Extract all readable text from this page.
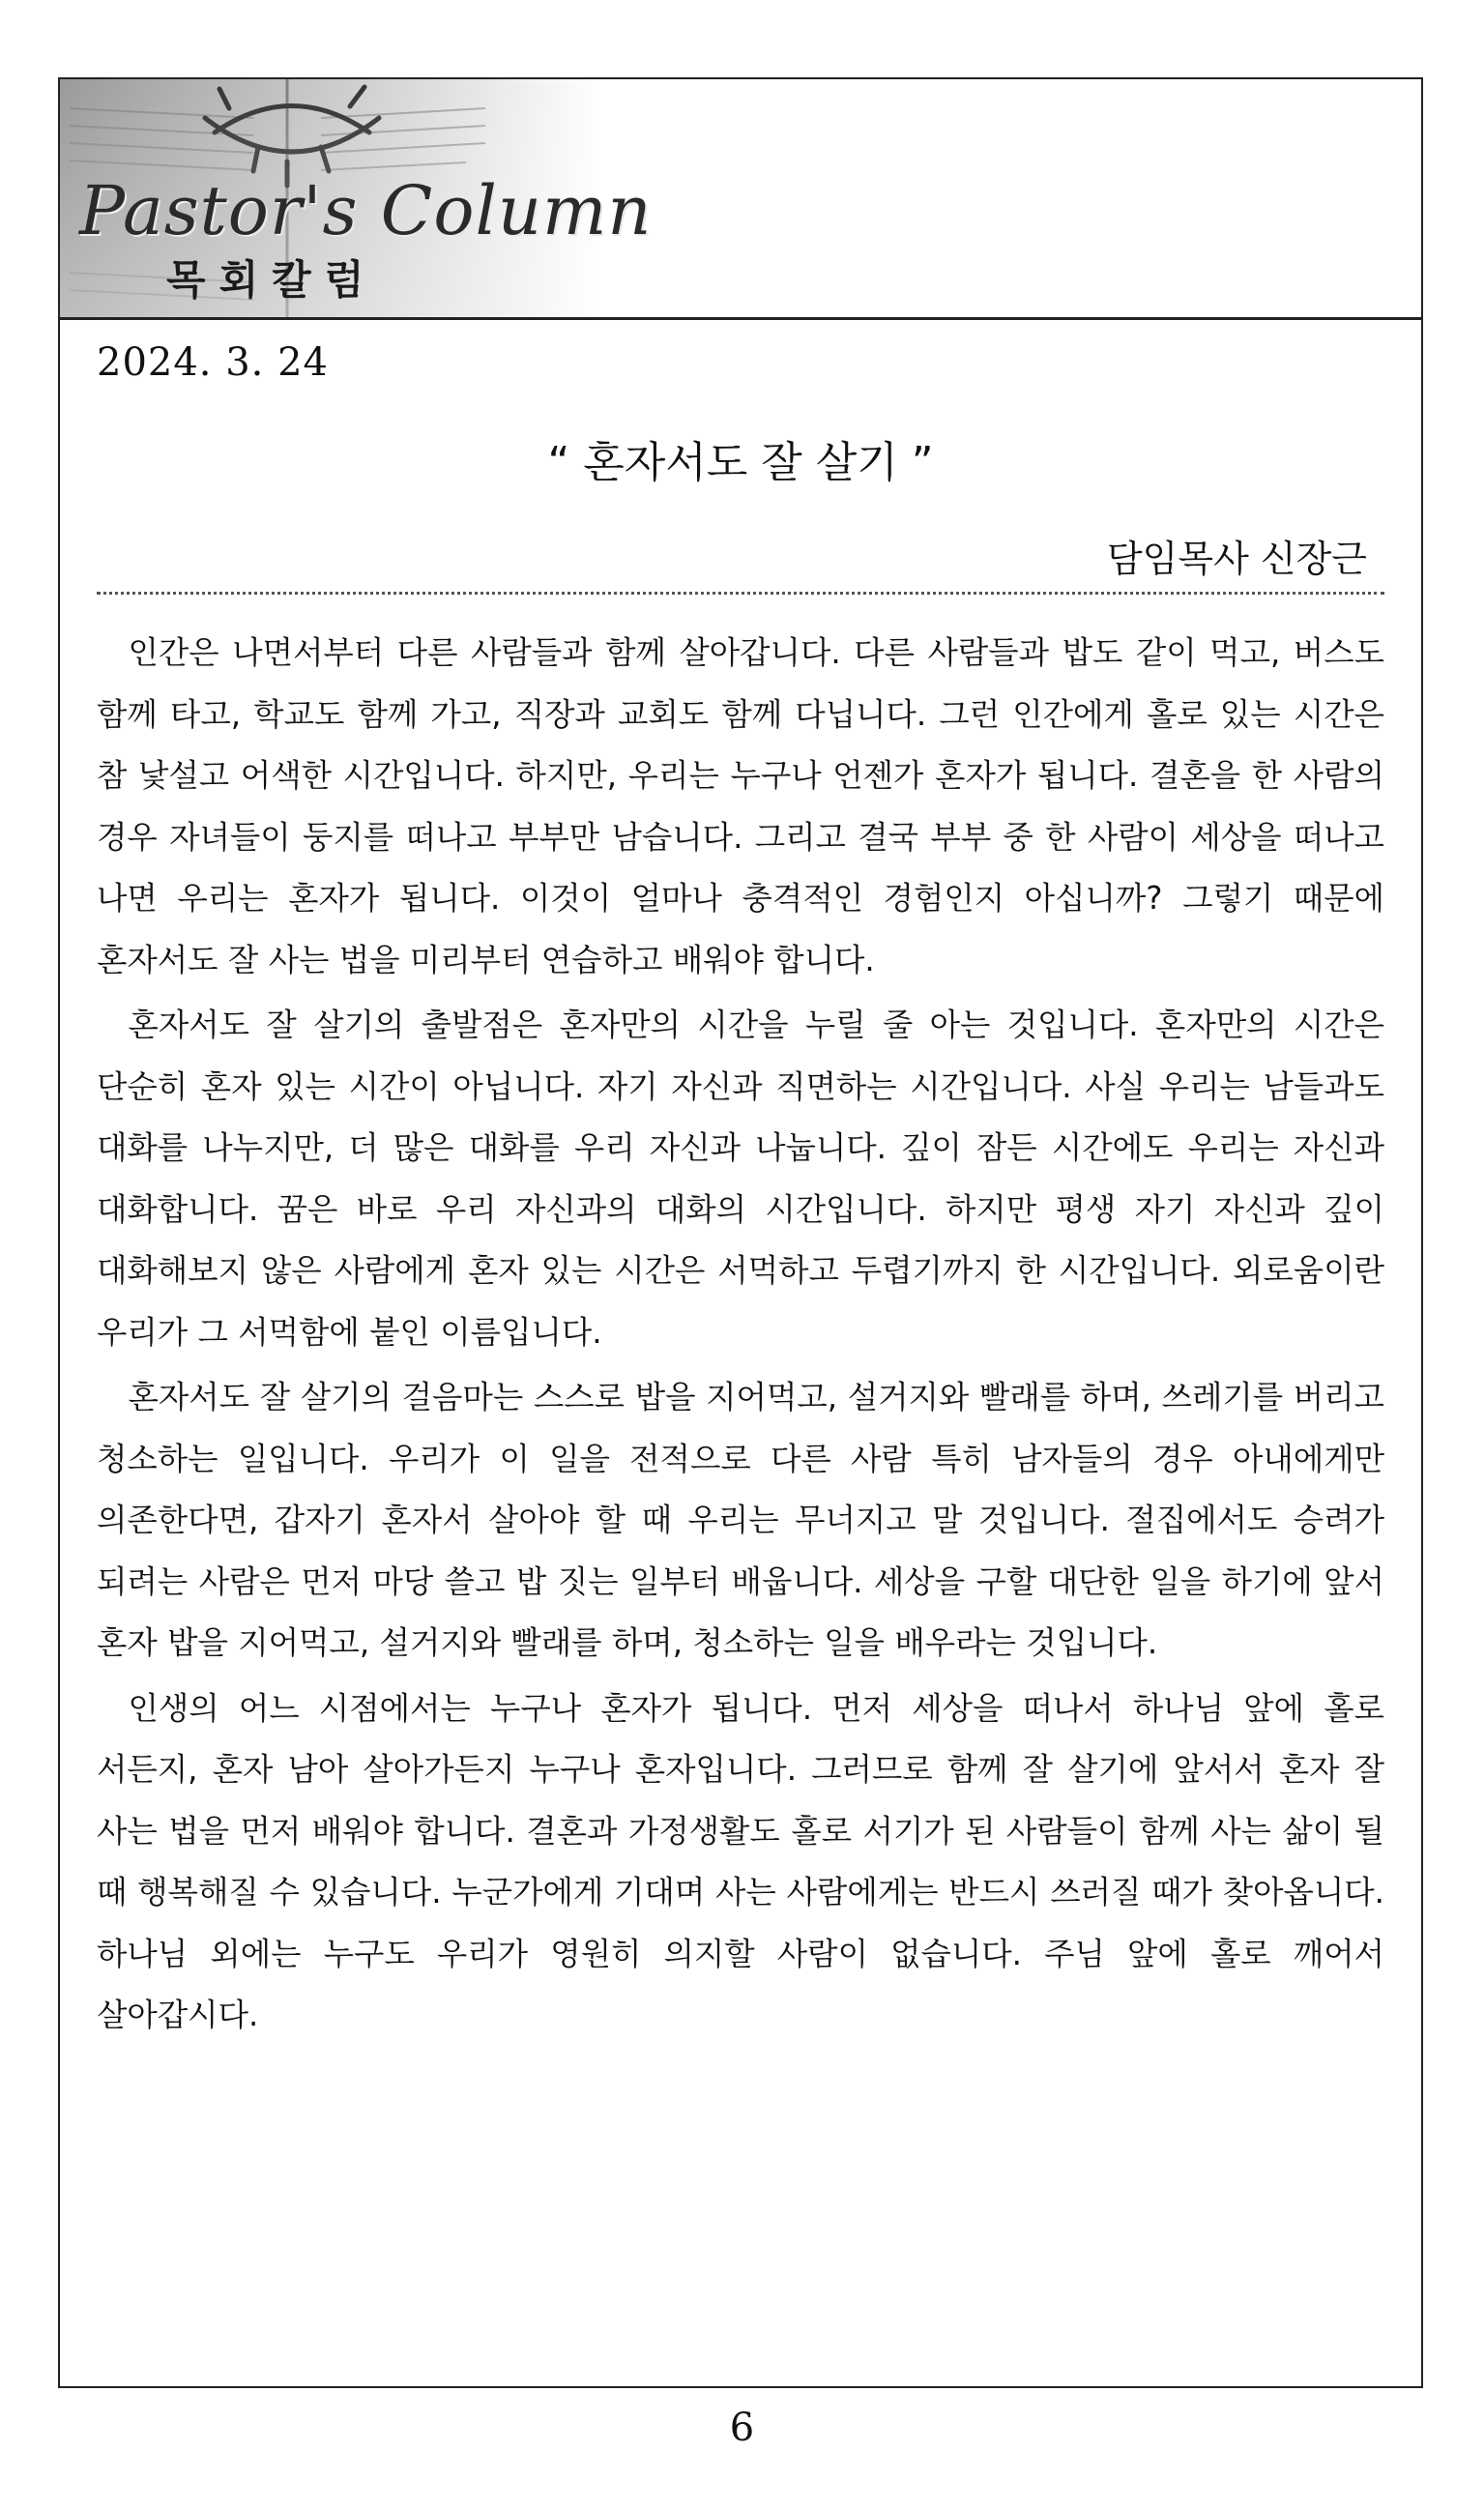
Pastor's Column
목회칼럼
2024. 3. 24
“ 혼자서도 잘 살기 ”
담임목사 신장근

인간은 나면서부터 다른 사람들과 함께 살아갑니다. 다른 사람들과 밥도 같이 먹고, 버스도 함께 타고, 학교도 함께 가고, 직장과 교회도 함께 다닙니다. 그런 인간에게 홀로 있는 시간은 참 낯설고 어색한 시간입니다. 하지만, 우리는 누구나 언젠가 혼자가 됩니다. 결혼을 한 사람의 경우 자녀들이 둥지를 떠나고 부부만 남습니다. 그리고 결국 부부 중 한 사람이 세상을 떠나고 나면 우리는 혼자가 됩니다. 이것이 얼마나 충격적인 경험인지 아십니까? 그렇기 때문에 혼자서도 잘 사는 법을 미리부터 연습하고 배워야 합니다.

혼자서도 잘 살기의 출발점은 혼자만의 시간을 누릴 줄 아는 것입니다. 혼자만의 시간은 단순히 혼자 있는 시간이 아닙니다. 자기 자신과 직면하는 시간입니다. 사실 우리는 남들과도 대화를 나누지만, 더 많은 대화를 우리 자신과 나눕니다. 깊이 잠든 시간에도 우리는 자신과 대화합니다. 꿈은 바로 우리 자신과의 대화의 시간입니다. 하지만 평생 자기 자신과 깊이 대화해보지 않은 사람에게 혼자 있는 시간은 서먹하고 두렵기까지 한 시간입니다. 외로움이란 우리가 그 서먹함에 붙인 이름입니다.

혼자서도 잘 살기의 걸음마는 스스로 밥을 지어먹고, 설거지와 빨래를 하며, 쓰레기를 버리고 청소하는 일입니다. 우리가 이 일을 전적으로 다른 사람 특히 남자들의 경우 아내에게만 의존한다면, 갑자기 혼자서 살아야 할 때 우리는 무너지고 말 것입니다. 절집에서도 승려가 되려는 사람은 먼저 마당 쓸고 밥 짓는 일부터 배웁니다. 세상을 구할 대단한 일을 하기에 앞서 혼자 밥을 지어먹고, 설거지와 빨래를 하며, 청소하는 일을 배우라는 것입니다.

인생의 어느 시점에서는 누구나 혼자가 됩니다. 먼저 세상을 떠나서 하나님 앞에 홀로 서든지, 혼자 남아 살아가든지 누구나 혼자입니다. 그러므로 함께 잘 살기에 앞서서 혼자 잘 사는 법을 먼저 배워야 합니다. 결혼과 가정생활도 홀로 서기가 된 사람들이 함께 사는 삶이 될 때 행복해질 수 있습니다. 누군가에게 기대며 사는 사람에게는 반드시 쓰러질 때가 찾아옵니다. 하나님 외에는 누구도 우리가 영원히 의지할 사람이 없습니다. 주님 앞에 홀로 깨어서 살아갑시다.

6
